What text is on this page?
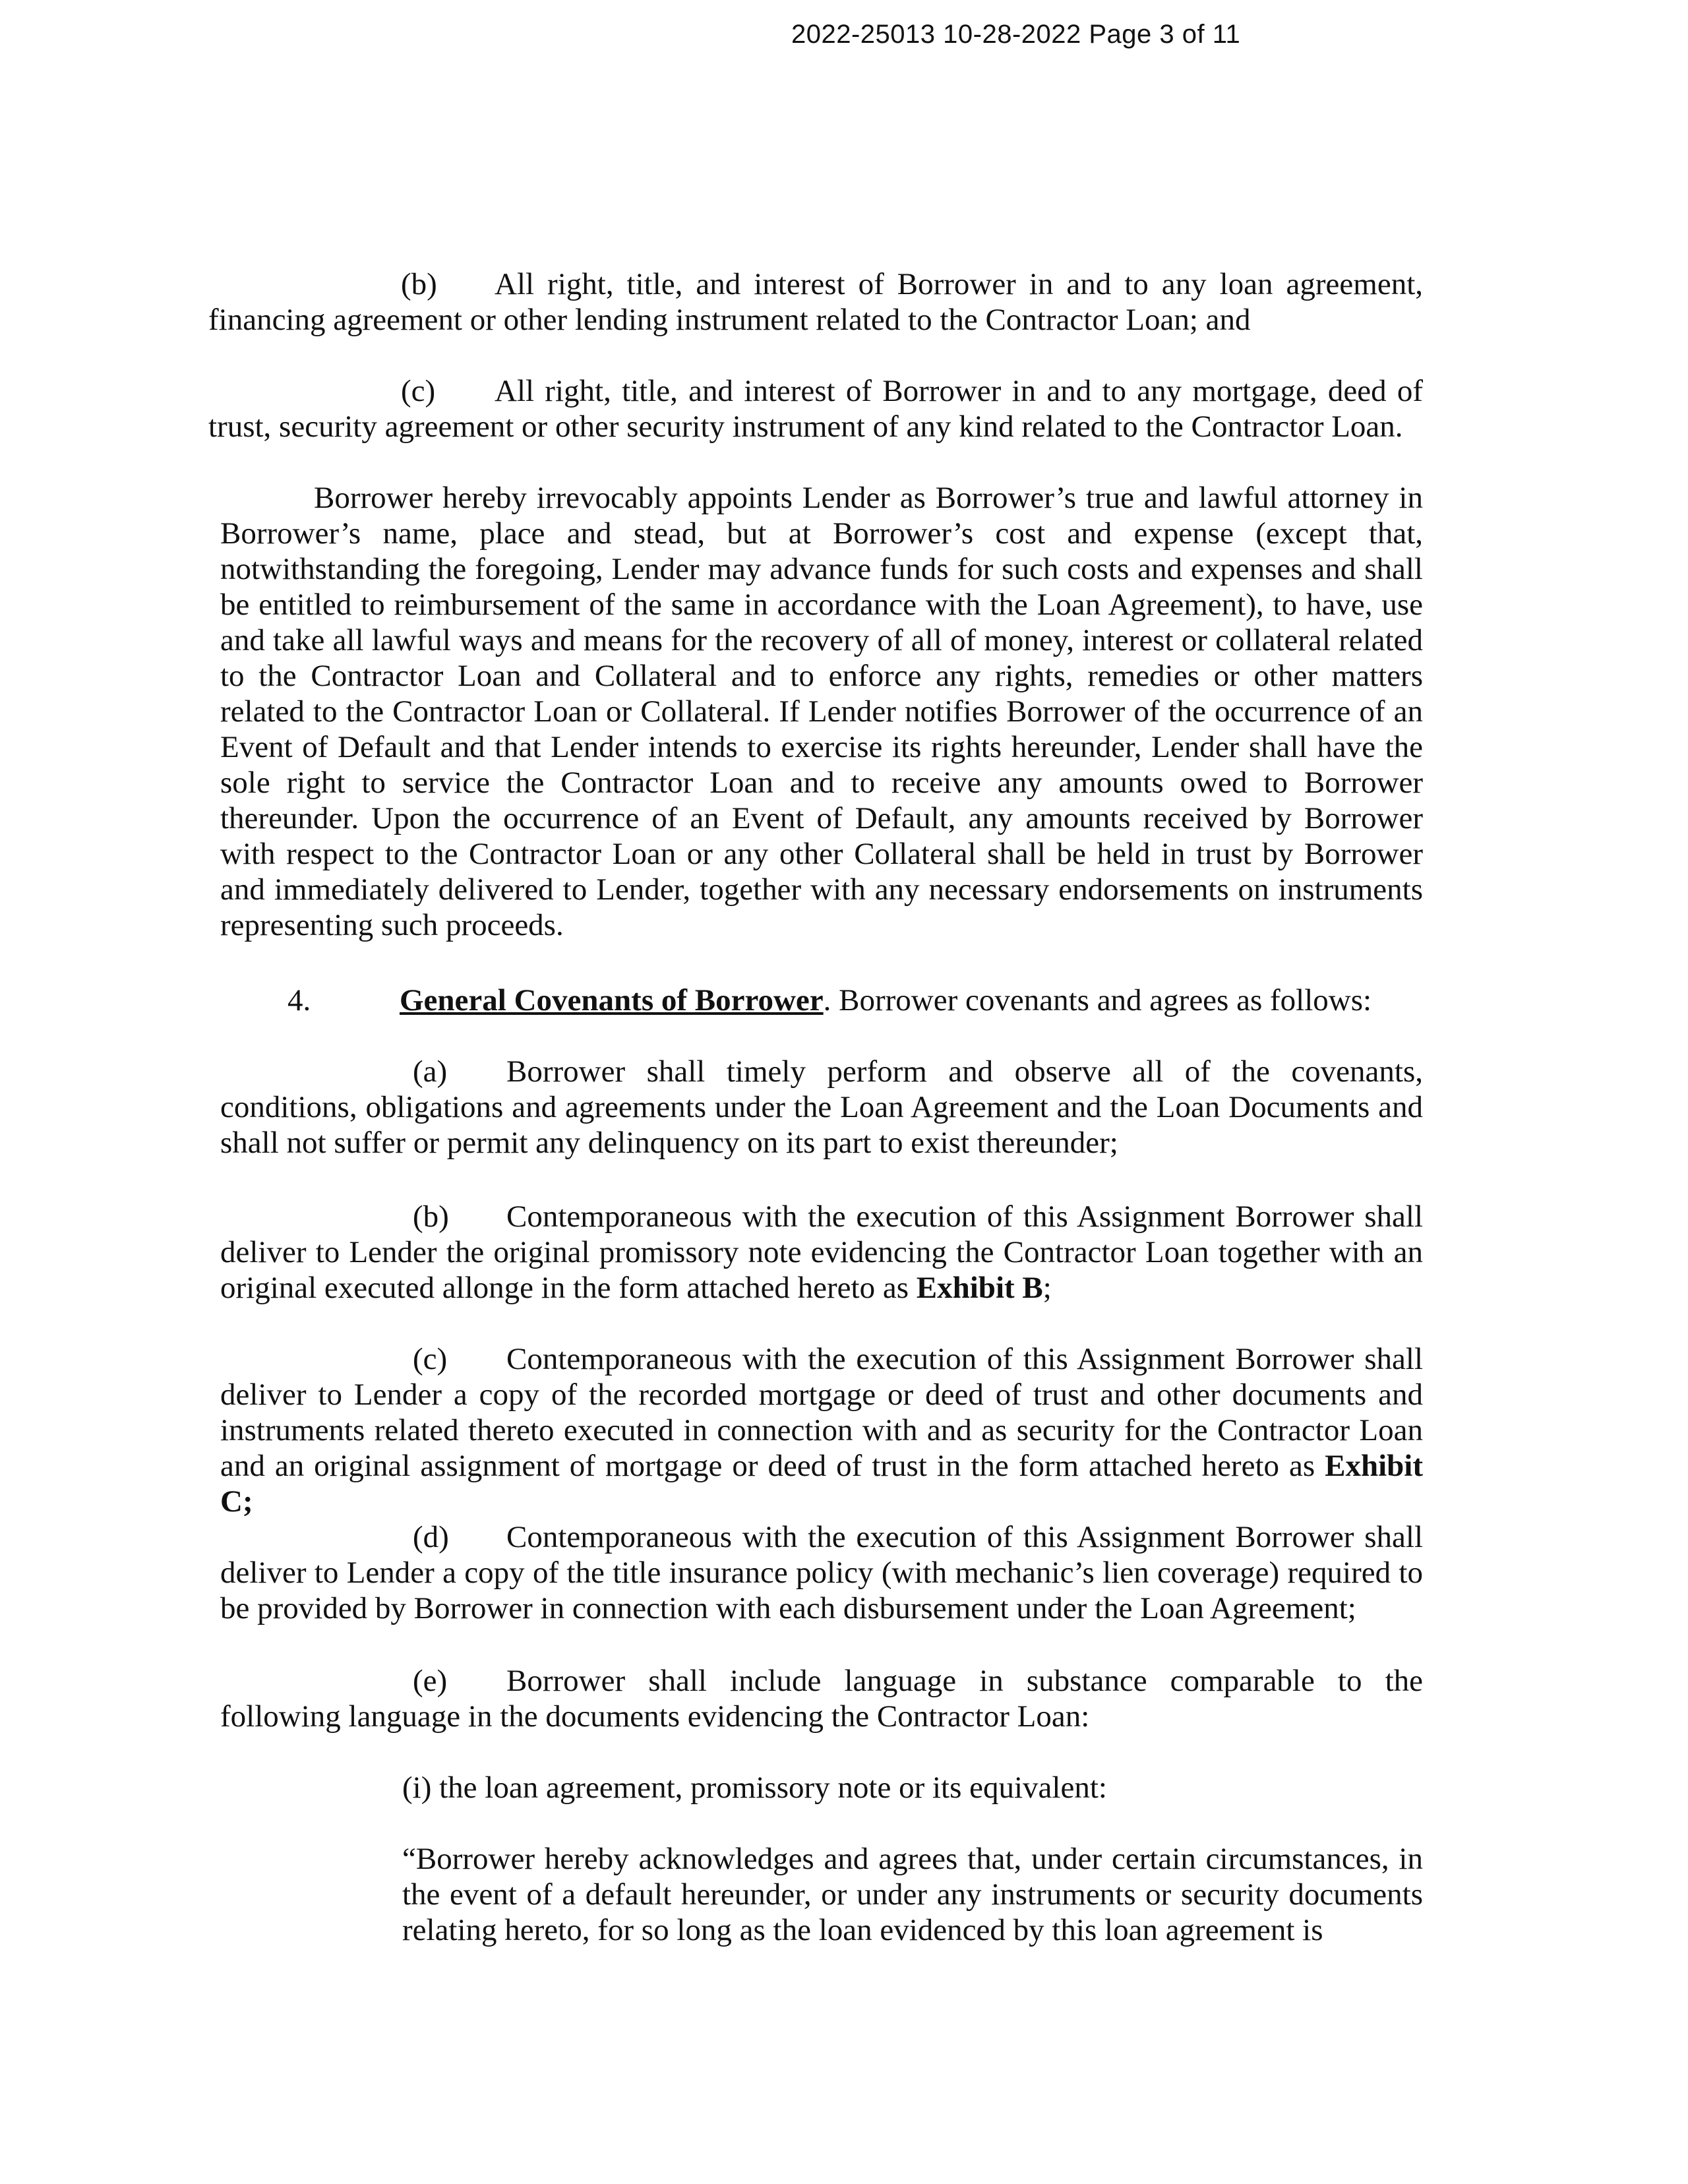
2022-25013 10-28-2022 Page 3 of 11
(b) All right, title, and interest of Borrower in and to any loan agreement, financing agreement or other lending instrument related to the Contractor Loan; and
(c) All right, title, and interest of Borrower in and to any mortgage, deed of trust, security agreement or other security instrument of any kind related to the Contractor Loan.
Borrower hereby irrevocably appoints Lender as Borrower’s true and lawful attorney in Borrower’s name, place and stead, but at Borrower’s cost and expense (except that, notwithstanding the foregoing, Lender may advance funds for such costs and expenses and shall be entitled to reimbursement of the same in accordance with the Loan Agreement), to have, use and take all lawful ways and means for the recovery of all of money, interest or collateral related to the Contractor Loan and Collateral and to enforce any rights, remedies or other matters related to the Contractor Loan or Collateral. If Lender notifies Borrower of the occurrence of an Event of Default and that Lender intends to exercise its rights hereunder, Lender shall have the sole right to service the Contractor Loan and to receive any amounts owed to Borrower thereunder. Upon the occurrence of an Event of Default, any amounts received by Borrower with respect to the Contractor Loan or any other Collateral shall be held in trust by Borrower and immediately delivered to Lender, together with any necessary endorsements on instruments representing such proceeds.
4.	General Covenants of Borrower. Borrower covenants and agrees as follows:
(a) Borrower shall timely perform and observe all of the covenants, conditions, obligations and agreements under the Loan Agreement and the Loan Documents and shall not suffer or permit any delinquency on its part to exist thereunder;
(b) Contemporaneous with the execution of this Assignment Borrower shall deliver to Lender the original promissory note evidencing the Contractor Loan together with an original executed allonge in the form attached hereto as Exhibit B;
(c) Contemporaneous with the execution of this Assignment Borrower shall deliver to Lender a copy of the recorded mortgage or deed of trust and other documents and instruments related thereto executed in connection with and as security for the Contractor Loan and an original assignment of mortgage or deed of trust in the form attached hereto as Exhibit C;
(d) Contemporaneous with the execution of this Assignment Borrower shall deliver to Lender a copy of the title insurance policy (with mechanic’s lien coverage) required to be provided by Borrower in connection with each disbursement under the Loan Agreement;
(e) Borrower shall include language in substance comparable to the following language in the documents evidencing the Contractor Loan:
(i) the loan agreement, promissory note or its equivalent:
“Borrower hereby acknowledges and agrees that, under certain circumstances, in the event of a default hereunder, or under any instruments or security documents relating hereto, for so long as the loan evidenced by this loan agreement is
